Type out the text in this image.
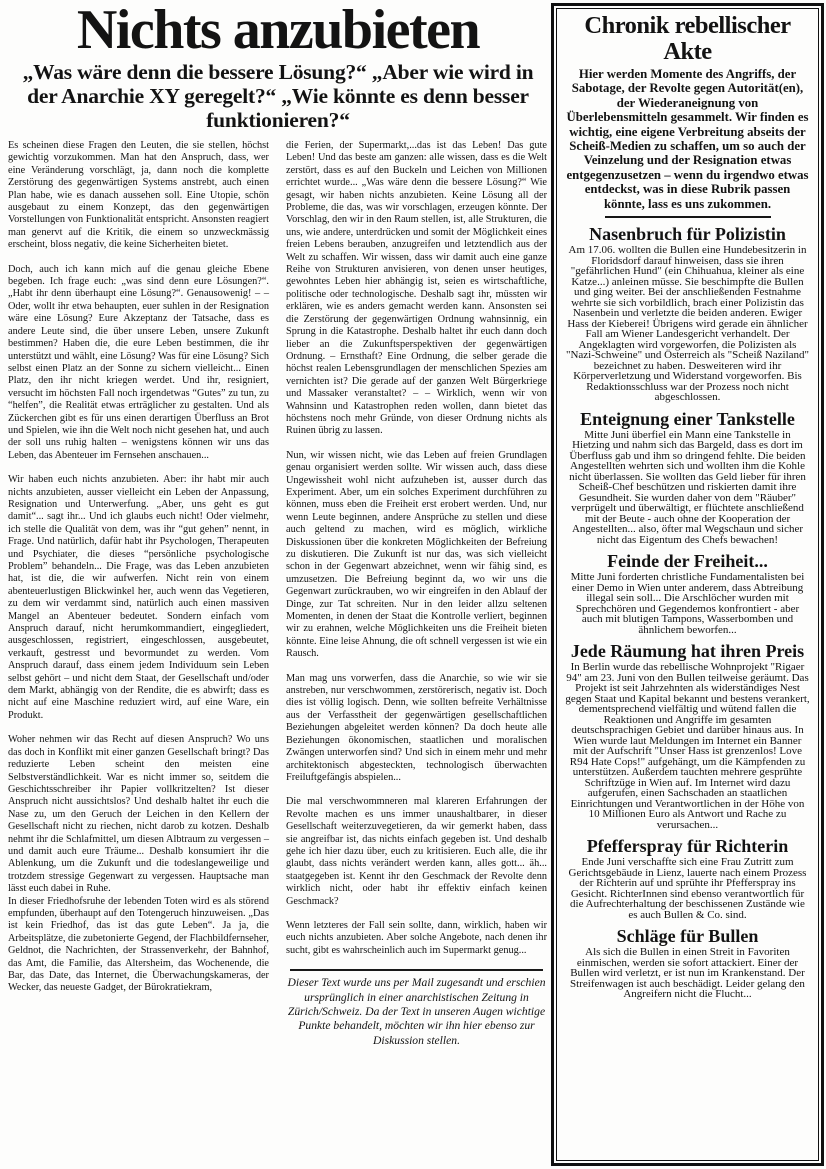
Nichts anzubieten
„Was wäre denn die bessere Lösung?“ „Aber wie wird in der Anarchie XY geregelt?“ „Wie könnte es denn besser funktionieren?“

Es scheinen diese Fragen den Leuten, die sie stellen, höchst gewichtig vorzukommen. Man hat den Anspruch, dass, wer eine Veränderung vorschlägt, ja, dann noch die komplette Zerstörung des gegenwärtigen Systems anstrebt, auch einen Plan habe, wie es danach aussehen soll. Eine Utopie, schön ausgebaut zu einem Konzept, das den gegenwärtigen Vorstellungen von Funktionalität entspricht. Ansonsten reagiert man genervt auf die Kritik, die einem so unzweckmässig erscheint, bloss negativ, die keine Sicherheiten bietet.

Doch, auch ich kann mich auf die genau gleiche Ebene begeben. Ich frage euch: „was sind denn eure Lösungen?“. „Habt ihr denn überhaupt eine Lösung?“. Genausowenig! – – Oder, wollt ihr etwa behaupten, euer suhlen in der Resignation wäre eine Lösung? Eure Akzeptanz der Tatsache, dass es andere Leute sind, die über unsere Leben, unsere Zukunft bestimmen? Haben die, die eure Leben bestimmen, die ihr unterstützt und wählt, eine Lösung? Was für eine Lösung? Sich selbst einen Platz an der Sonne zu sichern vielleicht... Einen Platz, den ihr nicht kriegen werdet. Und ihr, resigniert, versucht im höchsten Fall noch irgendetwas “Gutes” zu tun, zu “helfen”, die Realität etwas erträglicher zu gestalten. Und als Zückerchen gibt es für uns einen derartigen Überfluss an Brot und Spielen, wie ihn die Welt noch nicht gesehen hat, und auch der soll uns ruhig halten – wenigstens können wir uns das Leben, das Abenteuer im Fernsehen anschauen...

Wir haben euch nichts anzubieten. Aber: ihr habt mir auch nichts anzubieten, ausser vielleicht ein Leben der Anpassung, Resignation und Unterwerfung. „Aber, uns geht es gut damit“... sagt ihr... Und ich glaubs euch nicht! Oder vielmehr, ich stelle die Qualität von dem, was ihr “gut gehen” nennt, in Frage. Und natürlich, dafür habt ihr Psychologen, Therapeuten und Psychiater, die dieses “persönliche psychologische Problem” behandeln... Die Frage, was das Leben anzubieten hat, ist die, die wir aufwerfen. Nicht rein von einem abenteuerlustigen Blickwinkel her, auch wenn das Vegetieren, zu dem wir verdammt sind, natürlich auch einen massiven Mangel an Abenteuer bedeutet. Sondern einfach vom Anspruch darauf, nicht herumkommandiert, eingegliedert, ausgeschlossen, registriert, eingeschlossen, ausgebeutet, verkauft, gestresst und bevormundet zu werden. Vom Anspruch darauf, dass einem jedem Individuum sein Leben selbst gehört – und nicht dem Staat, der Gesellschaft und/oder dem Markt, abhängig von der Rendite, die es abwirft; dass es nicht auf eine Maschine reduziert wird, auf eine Ware, ein Produkt.

Woher nehmen wir das Recht auf diesen Anspruch? Wo uns das doch in Konflikt mit einer ganzen Gesellschaft bringt? Das reduzierte Leben scheint den meisten eine Selbstverständlichkeit. War es nicht immer so, seitdem die Geschichtsschreiber ihr Papier vollkritzelten? Ist dieser Anspruch nicht aussichtslos? Und deshalb haltet ihr euch die Nase zu, um den Geruch der Leichen in den Kellern der Gesellschaft nicht zu riechen, nicht darob zu kotzen. Deshalb nehmt ihr die Schlafmittel, um diesen Albtraum zu vergessen – und damit auch eure Träume... Deshalb konsumiert ihr die Ablenkung, um die Zukunft und die todeslangeweilige und trotzdem stressige Gegenwart zu vergessen. Hauptsache man lässt euch dabei in Ruhe.

In dieser Friedhofsruhe der lebenden Toten wird es als störend empfunden, überhaupt auf den Totengeruch hinzuweisen. „Das ist kein Friedhof, das ist das gute Leben“. Ja ja, die Arbeitsplätze, die zubetonierte Gegend, der Flachbildfernseher, Geldnot, die Nachrichten, der Strassenverkehr, der Bahnhof, das Amt, die Familie, das Altersheim, das Wochenende, die Bar, das Date, das Internet, die Überwachungskameras, der Wecker, das neueste Gadget, der Bürokratiekram,

die Ferien, der Supermarkt,...das ist das Leben! Das gute Leben! Und das beste am ganzen: alle wissen, dass es die Welt zerstört, dass es auf den Buckeln und Leichen von Millionen errichtet wurde... „Was wäre denn die bessere Lösung?“ Wie gesagt, wir haben nichts anzubieten. Keine Lösung all der Probleme, die das, was wir vorschlagen, erzeugen könnte. Der Vorschlag, den wir in den Raum stellen, ist, alle Strukturen, die uns, wie andere, unterdrücken und somit der Möglichkeit eines freien Lebens berauben, anzugreifen und letztendlich aus der Welt zu schaffen. Wir wissen, dass wir damit auch eine ganze Reihe von Strukturen anvisieren, von denen unser heutiges, gewohntes Leben hier abhängig ist, seien es wirtschaftliche, politische oder technologische. Deshalb sagt ihr, müssten wir erklären, wie es anders gemacht werden kann. Ansonsten sei die Zerstörung der gegenwärtigen Ordnung wahnsinnig, ein Sprung in die Katastrophe. Deshalb haltet ihr euch dann doch lieber an die Zukunftsperspektiven der gegenwärtigen Ordnung. – Ernsthaft? Eine Ordnung, die selber gerade die höchst realen Lebensgrundlagen der menschlichen Spezies am vernichten ist? Die gerade auf der ganzen Welt Bürgerkriege und Massaker veranstaltet? – – Wirklich, wenn wir von Wahnsinn und Katastrophen reden wollen, dann bietet das höchstens noch mehr Gründe, von dieser Ordnung nichts als Ruinen übrig zu lassen.

Nun, wir wissen nicht, wie das Leben auf freien Grundlagen genau organisiert werden sollte. Wir wissen auch, dass diese Ungewissheit wohl nicht aufzuheben ist, ausser durch das Experiment. Aber, um ein solches Experiment durchführen zu können, muss eben die Freiheit erst erobert werden. Und, nur wenn Leute beginnen, andere Ansprüche zu stellen und diese auch geltend zu machen, wird es möglich, wirkliche Diskussionen über die konkreten Möglichkeiten der Befreiung zu diskutieren. Die Zukunft ist nur das, was sich vielleicht schon in der Gegenwart abzeichnet, wenn wir fähig sind, es umzusetzen. Die Befreiung beginnt da, wo wir uns die Gegenwart zurückrauben, wo wir eingreifen in den Ablauf der Dinge, zur Tat schreiten. Nur in den leider allzu seltenen Momenten, in denen der Staat die Kontrolle verliert, beginnen wir zu erahnen, welche Möglichkeiten uns die Freiheit bieten könnte. Eine leise Ahnung, die oft schnell vergessen ist wie ein Rausch.

Man mag uns vorwerfen, dass die Anarchie, so wie wir sie anstreben, nur verschwommen, zerstörerisch, negativ ist. Doch dies ist völlig logisch. Denn, wie sollten befreite Verhältnisse aus der Verfasstheit der gegenwärtigen gesellschaftlichen Beziehungen abgeleitet werden können? Da doch heute alle Beziehungen ökonomischen, staatlichen und moralischen Zwängen unterworfen sind? Und sich in einem mehr und mehr architektonisch abgesteckten, technologisch überwachten Freiluftgefängis abspielen...

Die mal verschwommneren mal klareren Erfahrungen der Revolte machen es uns immer unaushaltbarer, in dieser Gesellschaft weiterzuvegetieren, da wir gemerkt haben, dass sie angreifbar ist, das nichts einfach gegeben ist. Und deshalb gehe ich hier dazu über, euch zu kritisieren. Euch alle, die ihr glaubt, dass nichts verändert werden kann, alles gott... äh... staatgegeben ist. Kennt ihr den Geschmack der Revolte denn wirklich nicht, oder habt ihr effektiv einfach keinen Geschmack?

Wenn letzteres der Fall sein sollte, dann, wirklich, haben wir euch nichts anzubieten. Aber solche Angebote, nach denen ihr sucht, gibt es wahrscheinlich auch im Supermarkt genug...

Dieser Text wurde uns per Mail zugesandt und erschien ursprünglich in einer anarchistischen Zeitung in Zürich/Schweiz. Da der Text in unseren Augen wichtige Punkte behandelt, möchten wir ihn hier ebenso zur Diskussion stellen.

Chronik rebellischer Akte

Hier werden Momente des Angriffs, der Sabotage, der Revolte gegen Autorität(en), der Wiederaneignung von Überlebensmitteln gesammelt. Wir finden es wichtig, eine eigene Verbreitung abseits der Scheiß-Medien zu schaffen, um so auch der Veinzelung und der Resignation etwas entgegenzusetzen – wenn du irgendwo etwas entdeckst, was in diese Rubrik passen könnte, lass es uns zukommen.

Nasenbruch für Polizistin

Am 17.06. wollten die Bullen eine Hundebesitzerin in Floridsdorf darauf hinweisen, dass sie ihren "gefährlichen Hund" (ein Chihuahua, kleiner als eine Katze...) anleinen müsse. Sie beschimpfte die Bullen und ging weiter. Bei der anschließenden Festnahme wehrte sie sich vorbildlich, brach einer Polizistin das Nasenbein und verletzte die beiden anderen. Ewiger Hass der Kieberei! Übrigens wird gerade ein ähnlicher Fall am Wiener Landesgericht verhandelt. Der Angeklagten wird vorgeworfen, die Polizisten als "Nazi-Schweine" und Österreich als "Scheiß Naziland" bezeichnet zu haben. Desweiteren wird ihr Körperverletzung und Widerstand vorgeworfen. Bis Redaktionsschluss war der Prozess noch nicht abgeschlossen.

Enteignung einer Tankstelle

Mitte Juni überfiel ein Mann eine Tankstelle in Hietzing und nahm sich das Bargeld, dass es dort im Überfluss gab und ihm so dringend fehlte. Die beiden Angestellten wehrten sich und wollten ihm die Kohle nicht überlassen. Sie wollten das Geld lieber für ihren Scheiß-Chef beschützen und riskierten damit ihre Gesundheit. Sie wurden daher von dem "Räuber" verprügelt und überwältigt, er flüchtete anschließend mit der Beute - auch ohne der Kooperation der Angestellten... also, öfter mal Wegschaun und sicher nicht das Eigentum des Chefs bewachen!

Feinde der Freiheit...

Mitte Juni forderten christliche Fundamentalisten bei einer Demo in Wien unter anderem, dass Abtreibung illegal sein soll... Die Arschlöcher wurden mit Sprechchören und Gegendemos konfrontiert - aber auch mit blutigen Tampons, Wasserbomben und ähnlichem beworfen...

Jede Räumung hat ihren Preis

In Berlin wurde das rebellische Wohnprojekt "Rigaer 94" am 23. Juni von den Bullen teilweise geräumt. Das Projekt ist seit Jahrzehnten als widerständiges Nest gegen Staat und Kapital bekannt und bestens verankert, dementsprechend vielfältig und wütend fallen die Reaktionen und Angriffe im gesamten deutschsprachigen Gebiet und darüber hinaus aus. In Wien wurde laut Meldungen im Internet ein Banner mit der Aufschrift "Unser Hass ist grenzenlos! Love R94 Hate Cops!" aufgehängt, um die Kämpfenden zu unterstützen. Außerdem tauchten mehrere gesprühte Schriftzüge in Wien auf. Im Internet wird dazu aufgerufen, einen Sachschaden an staatlichen Einrichtungen und Verantwortlichen in der Höhe von 10 Millionen Euro als Antwort und Rache zu verursachen...

Pfefferspray für Richterin

Ende Juni verschaffte sich eine Frau Zutritt zum Gerichtsgebäude in Lienz, lauerte nach einem Prozess der Richterin auf und sprühte ihr Pfefferspray ins Gesicht. RichterInnen sind ebenso verantwortlich für die Aufrechterhaltung der beschissenen Zustände wie es auch Bullen & Co. sind.

Schläge für Bullen

Als sich die Bullen in einen Streit in Favoriten einmischen, werden sie sofort attackiert. Einer der Bullen wird verletzt, er ist nun im Krankenstand. Der Streifenwagen ist auch beschädigt. Leider gelang den Angreifern nicht die Flucht...
